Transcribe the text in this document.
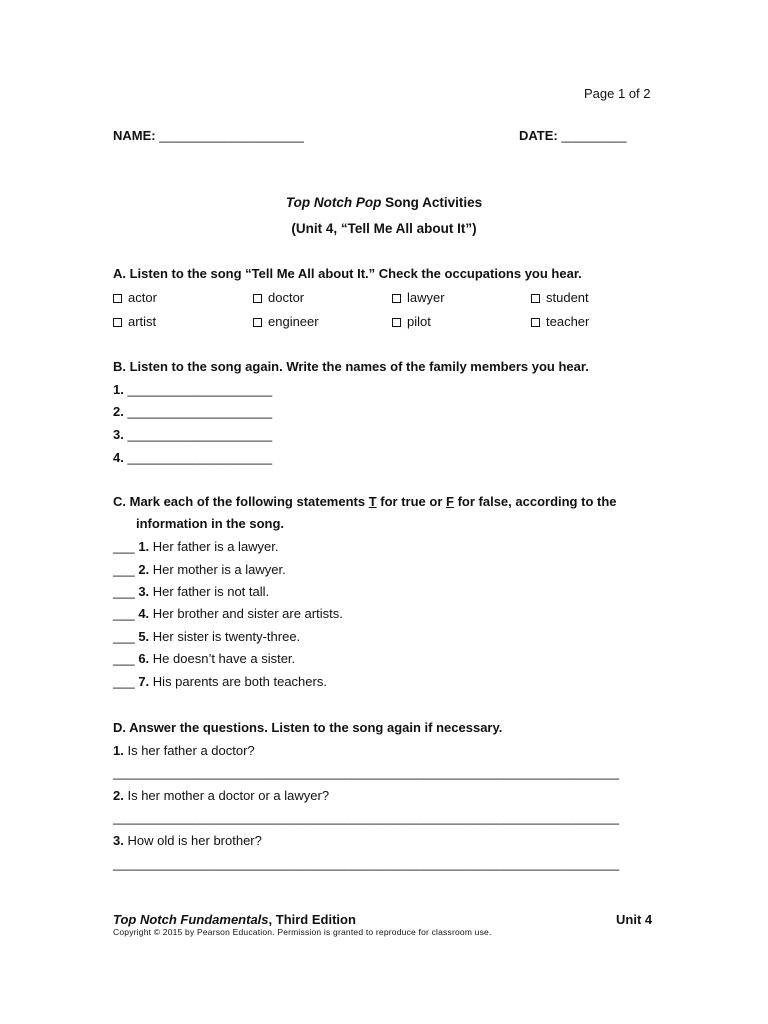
Page 1 of 2
NAME: ____________________	DATE: _________
Top Notch Pop Song Activities
(Unit 4, “Tell Me All about It”)
A. Listen to the song “Tell Me All about It.” Check the occupations you hear.
actor	doctor	lawyer	student
artist	engineer	pilot	teacher
B. Listen to the song again. Write the names of the family members you hear.
1. ____________________
2. ____________________
3. ____________________
4. ____________________
C. Mark each of the following statements T for true or F for false, according to the
information in the song.
___ 1. Her father is a lawyer.
___ 2. Her mother is a lawyer.
___ 3. Her father is not tall.
___ 4. Her brother and sister are artists.
___ 5. Her sister is twenty-three.
___ 6. He doesn’t have a sister.
___ 7. His parents are both teachers.
D. Answer the questions. Listen to the song again if necessary.
1. Is her father a doctor?
______________________________________________________________________
2. Is her mother a doctor or a lawyer?
______________________________________________________________________
3. How old is her brother?
______________________________________________________________________
Top Notch Fundamentals, Third Edition	Unit 4
Copyright © 2015 by Pearson Education. Permission is granted to reproduce for classroom use.
